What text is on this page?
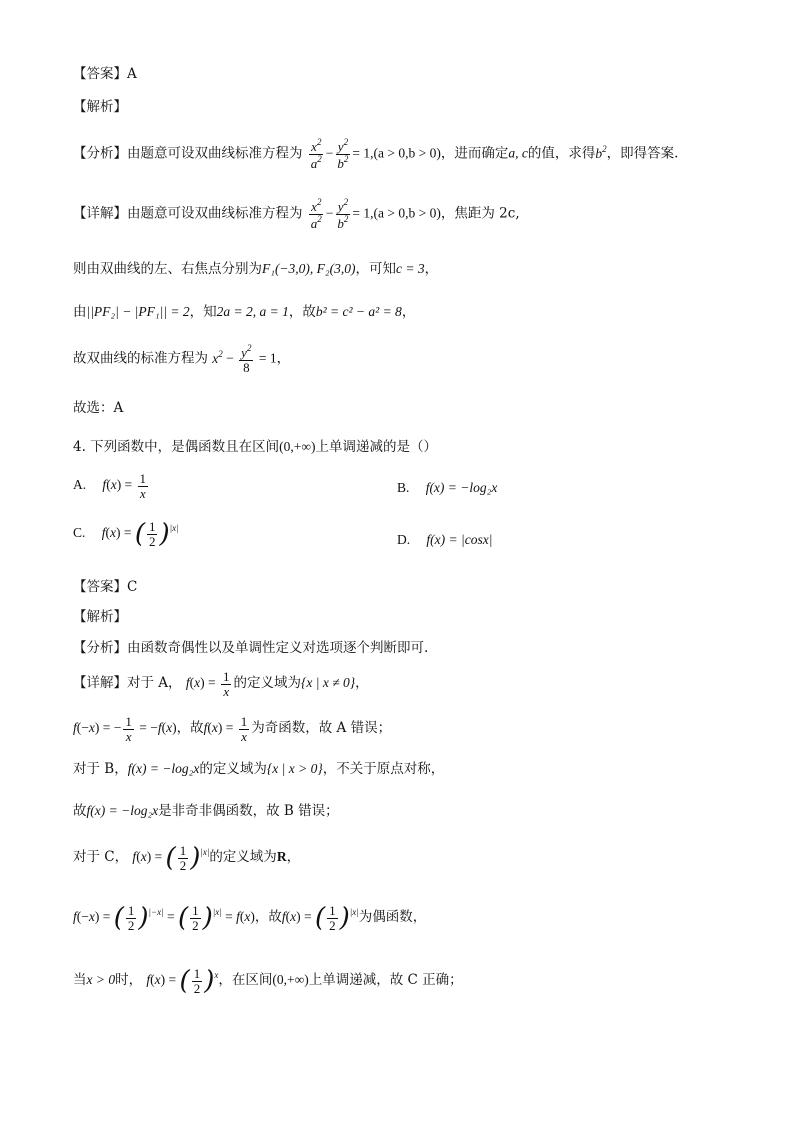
【答案】A
【解析】
【分析】由题意可设双曲线标准方程为 $\frac{x^2}{a^2} - \frac{y^2}{b^2} = 1,(a > 0,b > 0)$，进而确定a, c的值，求得$b^2$，即得答案.
【详解】由题意可设双曲线标准方程为 $\frac{x^2}{a^2} - \frac{y^2}{b^2} = 1,(a > 0,b > 0)$，焦距为 2c,
则由双曲线的左、右焦点分别为F₁(−3,0), F₂(3,0)，可知c = 3，
由||PF₂| − |PF₁|| = 2，知2a = 2, a = 1，故b² = c² − a² = 8，
故双曲线的标准方程为 $x^2 - \frac{y^2}{8} = 1$，
故选：A
4. 下列函数中，是偶函数且在区间(0,+∞)上单调递减的是（）
A. $f(x) = \frac{1}{x}$	B. f(x) = −log₂x
C. f(x) = ( $\frac{1}{2} )^{|x|}$
D. f(x) = |cosx|
【答案】C
【解析】
【分析】由函数奇偶性以及单调性定义对选项逐个判断即可.
【详解】对于 A， $f(x) = \frac{1}{x}$ 的定义域为{x | x ≠ 0}，
f(−x) = − $\frac{1}{x} = -f(x)$，故$f(x) = \frac{1}{x}$ 为奇函数，故 A 错误；
对于 B，f(x) = −log₂x的定义域为{x | x > 0}，不关于原点对称，
故f(x) = −log₂x是非奇非偶函数，故 B 错误；
对于 C， f(x) = ( $\frac{1}{2} )^{|x|}$的定义域为R，
f(−x) = ( $\frac{1}{2} )^{|-x|}$ = ( $\frac{1}{2} )^{|x|} = f(x)$，故f(x) = ( $\frac{1}{2} )^{|x|}$为偶函数，
当x > 0时， f(x) = ( $\frac{1}{2} )^x$，在区间(0,+∞)上单调递减，故 C 正确；
